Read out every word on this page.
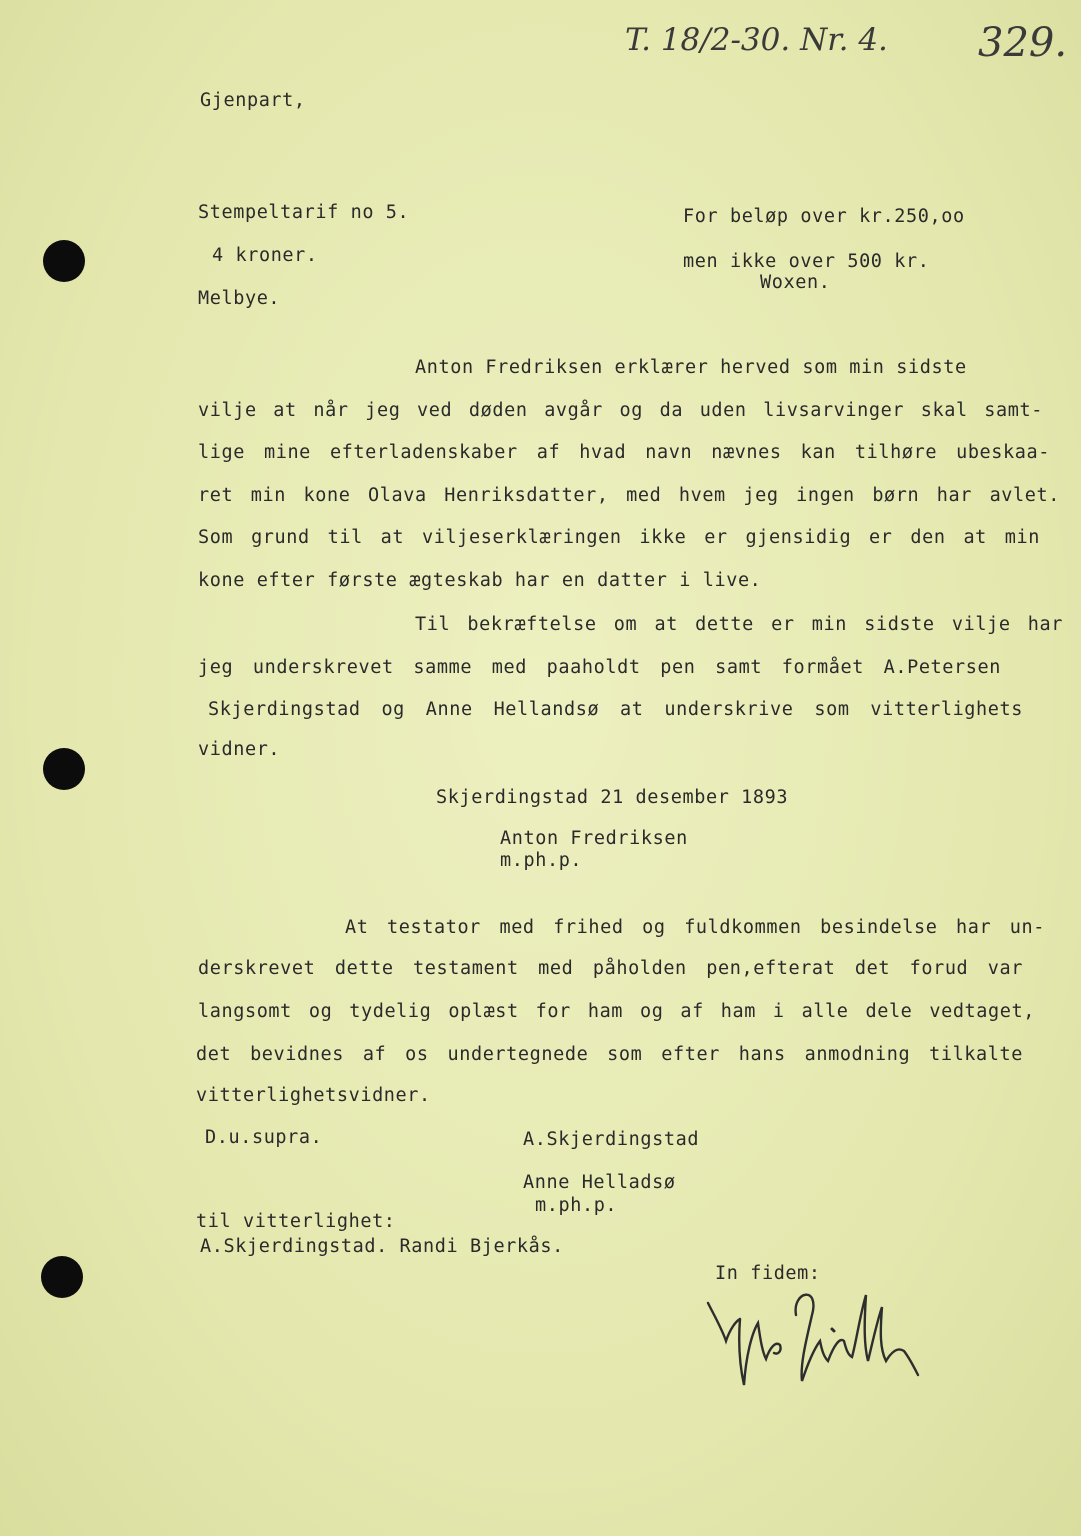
T. 18/2-30. Nr. 4. 329.
Gjenpart,
Stempeltarif no 5.
4 kroner.
Melbye.
For beløp over kr.250,oo
men ikke over 500 kr.
Woxen.
Anton Fredriksen erklærer herved som min sidste
vilje at når jeg ved døden avgår og da uden livsarvinger skal samt-
lige mine efterladenskaber af hvad navn nævnes kan tilhøre ubeskaa-
ret min kone Olava Henriksdatter, med hvem jeg ingen børn har avlet.
Som grund til at viljeserklæringen ikke er gjensidig er den at min
kone efter første ægteskab har en datter i live.
Til bekræftelse om at dette er min sidste vilje har
jeg underskrevet samme med paaholdt pen samt formået A.Petersen
Skjerdingstad og Anne Hellandsø at underskrive som vitterlighets
vidner.
Skjerdingstad 21 desember 1893
Anton Fredriksen
m.ph.p.
At testator med frihed og fuldkommen besindelse har un-
derskrevet dette testament med påholden pen,efterat det forud var
langsomt og tydelig oplæst for ham og af ham i alle dele vedtaget,
det bevidnes af os undertegnede som efter hans anmodning tilkalte
vitterlighetsvidner.
D.u.supra.	A.Skjerdingstad
Anne Helladsø
m.ph.p.
til vitterlighet:
A.Skjerdingstad. Randi Bjerkås.
In fidem:
